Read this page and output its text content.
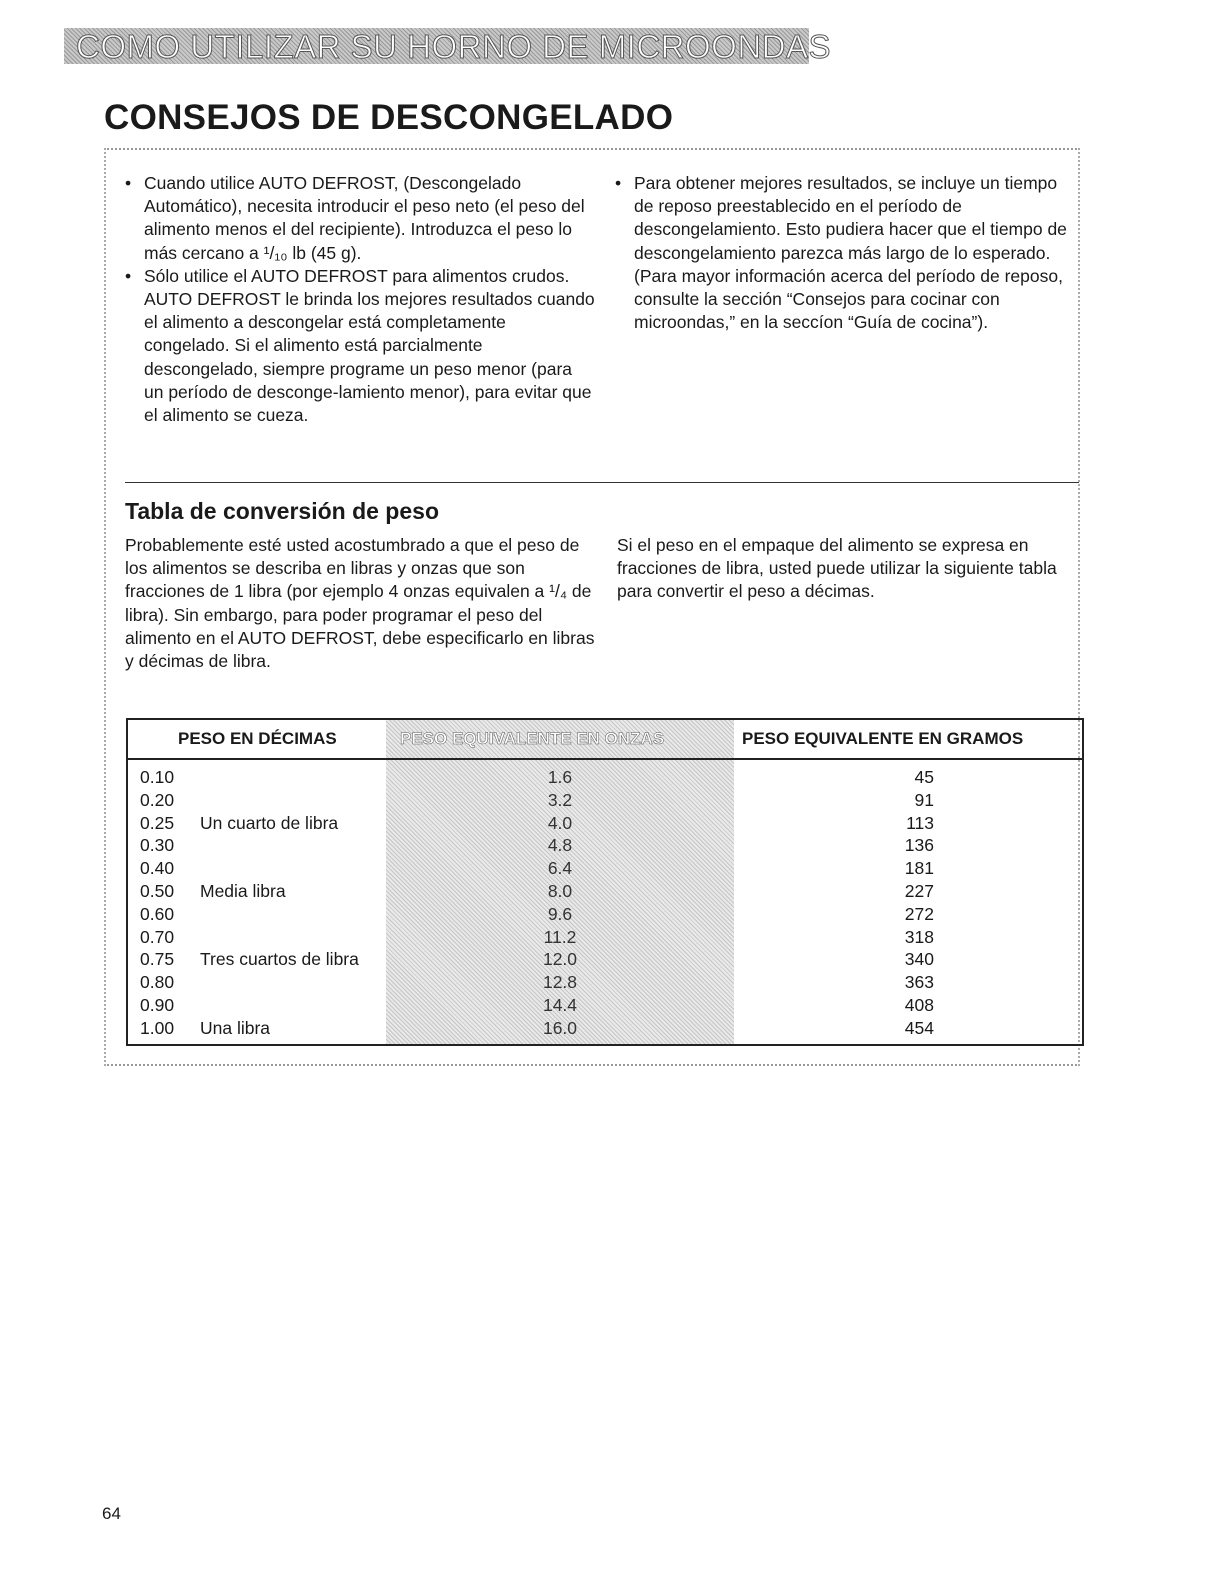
COMO UTILIZAR SU HORNO DE MICROONDAS
CONSEJOS DE DESCONGELADO
• Cuando utilice AUTO DEFROST, (Descongelado Automático), necesita introducir el peso neto (el peso del alimento menos el del recipiente). Introduzca el peso lo más cercano a ¹/₁₀ lb (45 g).
• Sólo utilice el AUTO DEFROST para alimentos crudos. AUTO DEFROST le brinda los mejores resultados cuando el alimento a descongelar está completamente congelado. Si el alimento está parcialmente descongelado, siempre programe un peso menor (para un período de desconge-lamiento menor), para evitar que el alimento se cueza.
• Para obtener mejores resultados, se incluye un tiempo de reposo preestablecido en el período de descongelamiento. Esto pudiera hacer que el tiempo de descongelamiento parezca más largo de lo esperado. (Para mayor información acerca del período de reposo, consulte la sección “Consejos para cocinar con microondas,” en la seccíon “Guía de cocina”).
Tabla de conversión de peso
Probablemente esté usted acostumbrado a que el peso de los alimentos se describa en libras y onzas que son fracciones de 1 libra (por ejemplo 4 onzas equivalen a ¹/₄ de libra). Sin embargo, para poder programar el peso del alimento en el AUTO DEFROST, debe especificarlo en libras y décimas de libra.
Si el peso en el empaque del alimento se expresa en fracciones de libra, usted puede utilizar la siguiente tabla para convertir el peso a décimas.
PESO EN DÉCIMAS	PESO EQUIVALENTE EN ONZAS	PESO EQUIVALENTE EN GRAMOS
0.10	1.6	45
0.20	3.2	91
0.25 Un cuarto de libra	4.0	113
0.30	4.8	136
0.40	6.4	181
0.50 Media libra	8.0	227
0.60	9.6	272
0.70	11.2	318
0.75 Tres cuartos de libra	12.0	340
0.80	12.8	363
0.90	14.4	408
1.00 Una libra	16.0	454
64
